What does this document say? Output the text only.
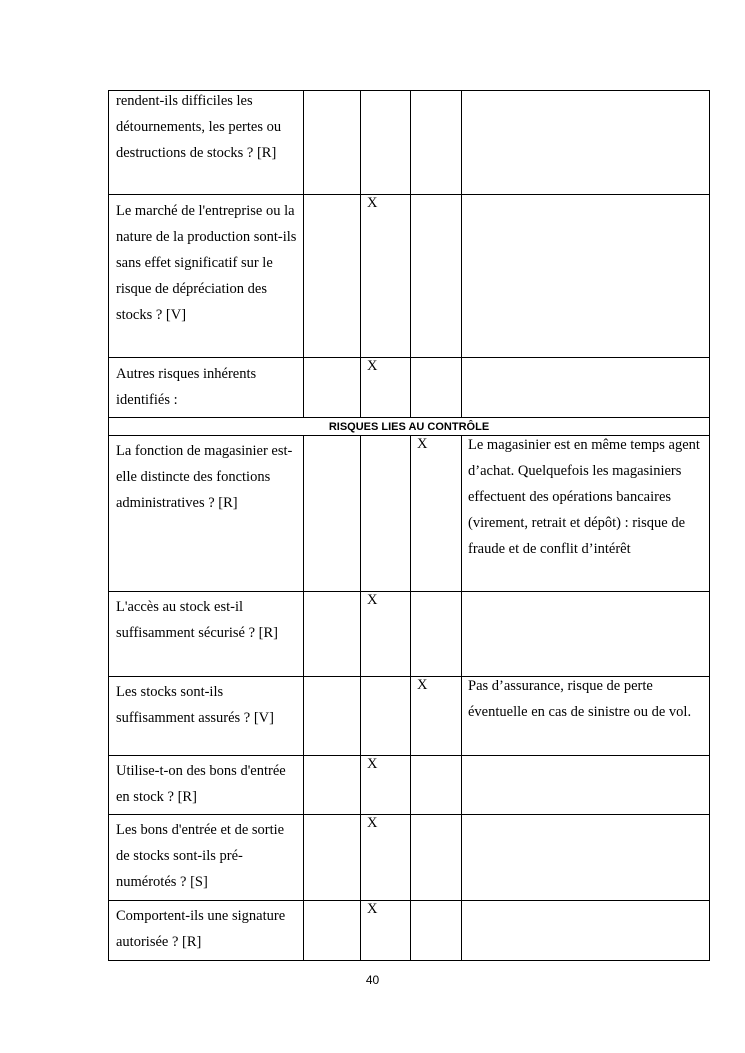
rendent-ils difficiles les détournements, les pertes ou destructions de stocks ? [R]				

Le marché de l'entreprise ou la nature de la production sont-ils sans effet significatif sur le risque de dépréciation des stocks ? [V]		X		

Autres risques inhérents identifiés :		X		
RISQUES LIES AU CONTRÔLE				

La fonction de magasinier est-elle distincte des fonctions administratives ? [R]			X	Le magasinier est en même temps agent d’achat. Quelquefois les magasiniers effectuent des opérations bancaires (virement, retrait et dépôt) : risque de fraude et de conflit d’intérêt

L'accès au stock est-il suffisamment sécurisé ? [R]		X		

Les stocks sont-ils suffisamment assurés ? [V]			X	Pas d’assurance, risque de perte éventuelle en cas de sinistre ou de vol.

Utilise-t-on des bons d'entrée en stock ? [R]		X		

Les bons d'entrée et de sortie de stocks sont-ils pré-numérotés ? [S]		X		

Comportent-ils une signature autorisée ? [R]		X		
40
